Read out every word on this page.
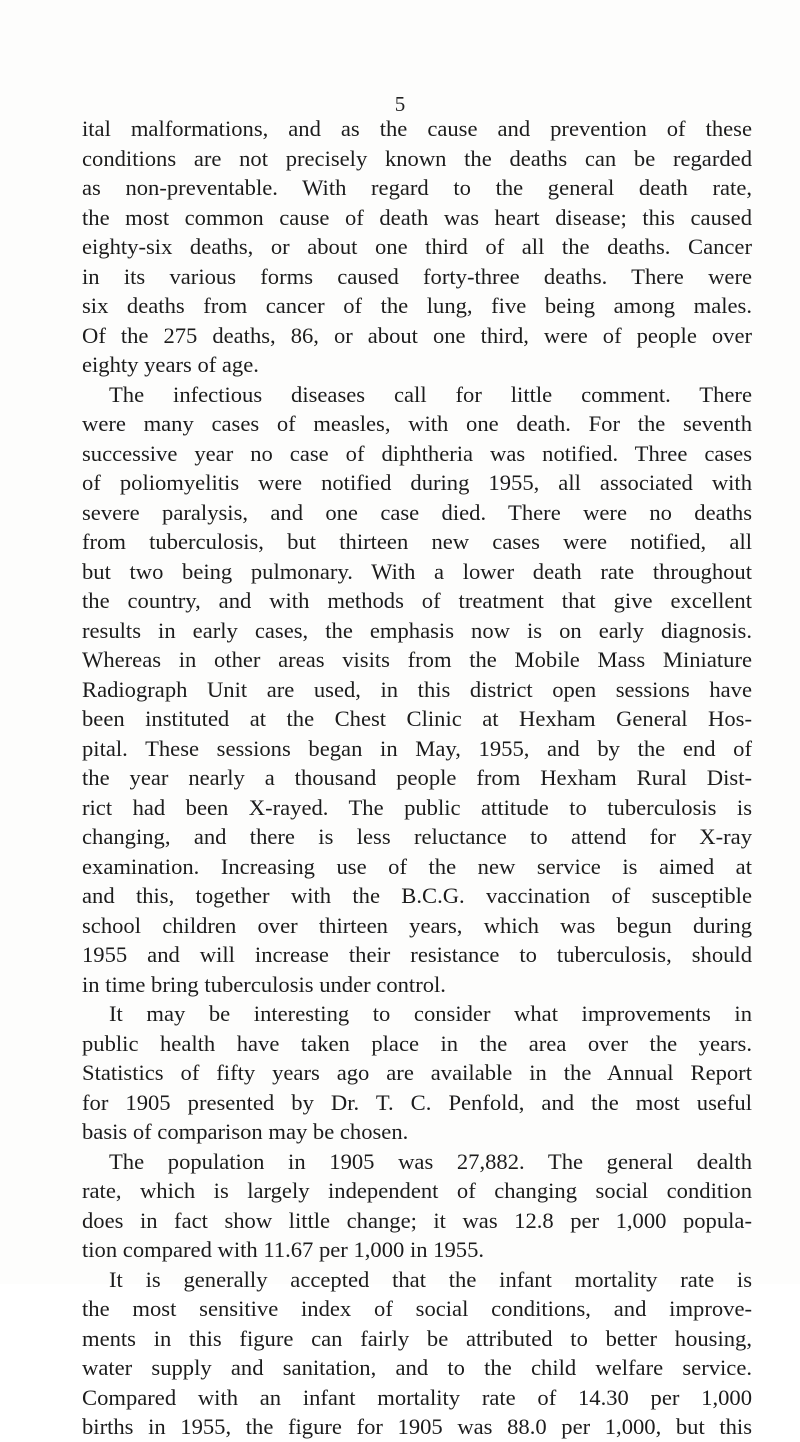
5
ital malformations, and as the cause and prevention of these
conditions are not precisely known the deaths can be regarded
as non-preventable. With regard to the general death rate,
the most common cause of death was heart disease; this caused
eighty-six deaths, or about one third of all the deaths. Cancer
in its various forms caused forty-three deaths. There were
six deaths from cancer of the lung, five being among males.
Of the 275 deaths, 86, or about one third, were of people over
eighty years of age.
The infectious diseases call for little comment. There
were many cases of measles, with one death. For the seventh
successive year no case of diphtheria was notified. Three cases
of poliomyelitis were notified during 1955, all associated with
severe paralysis, and one case died. There were no deaths
from tuberculosis, but thirteen new cases were notified, all
but two being pulmonary. With a lower death rate throughout
the country, and with methods of treatment that give excellent
results in early cases, the emphasis now is on early diagnosis.
Whereas in other areas visits from the Mobile Mass Miniature
Radiograph Unit are used, in this district open sessions have
been instituted at the Chest Clinic at Hexham General Hos-
pital. These sessions began in May, 1955, and by the end of
the year nearly a thousand people from Hexham Rural Dist-
rict had been X-rayed. The public attitude to tuberculosis is
changing, and there is less reluctance to attend for X-ray
examination. Increasing use of the new service is aimed at
and this, together with the B.C.G. vaccination of susceptible
school children over thirteen years, which was begun during
1955 and will increase their resistance to tuberculosis, should
in time bring tuberculosis under control.
It may be interesting to consider what improvements in
public health have taken place in the area over the years.
Statistics of fifty years ago are available in the Annual Report
for 1905 presented by Dr. T. C. Penfold, and the most useful
basis of comparison may be chosen.
The population in 1905 was 27,882. The general dealth
rate, which is largely independent of changing social condition
does in fact show little change; it was 12.8 per 1,000 popula-
tion compared with 11.67 per 1,000 in 1955.
It is generally accepted that the infant mortality rate is
the most sensitive index of social conditions, and improve-
ments in this figure can fairly be attributed to better housing,
water supply and sanitation, and to the child welfare service.
Compared with an infant mortality rate of 14.30 per 1,000
births in 1955, the figure for 1905 was 88.0 per 1,000, but this
